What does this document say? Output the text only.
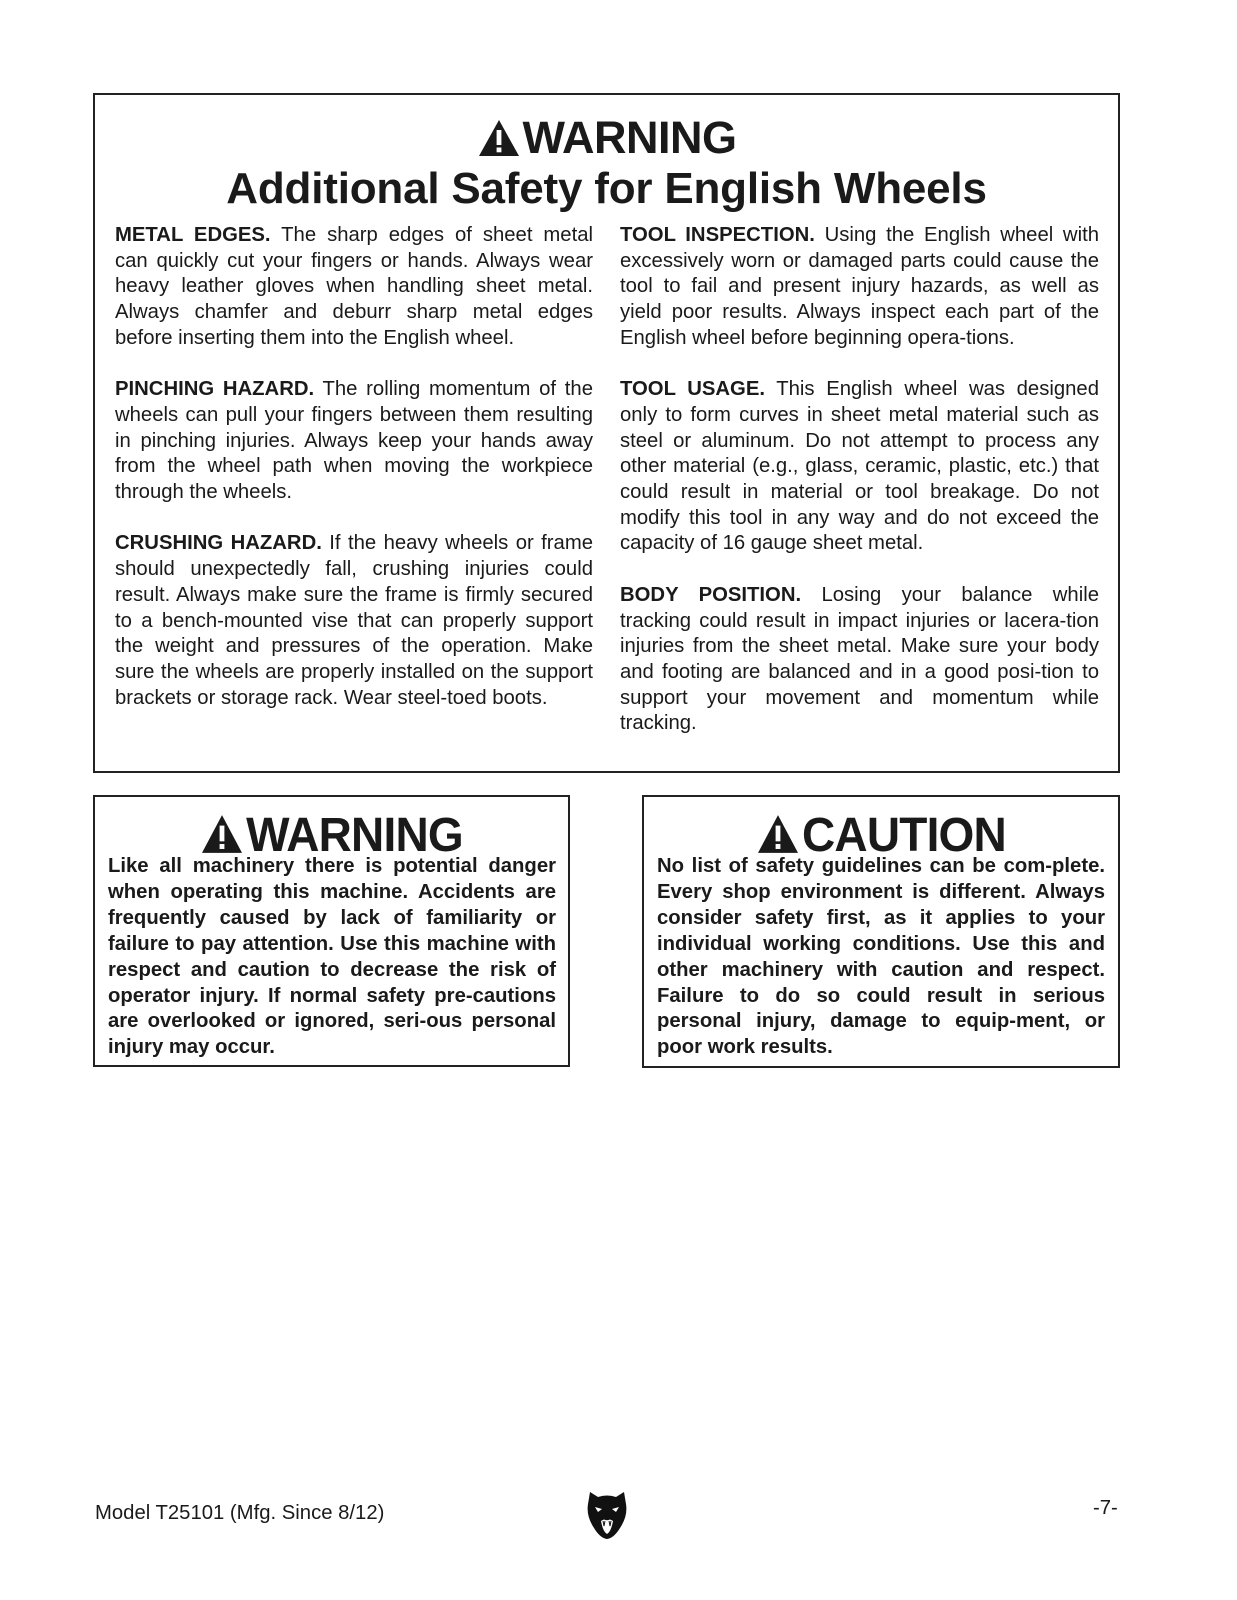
WARNING
Additional Safety for English Wheels

METAL EDGES. The sharp edges of sheet metal can quickly cut your fingers or hands. Always wear heavy leather gloves when handling sheet metal. Always chamfer and deburr sharp metal edges before inserting them into the English wheel.

PINCHING HAZARD. The rolling momentum of the wheels can pull your fingers between them resulting in pinching injuries. Always keep your hands away from the wheel path when moving the workpiece through the wheels.

CRUSHING HAZARD. If the heavy wheels or frame should unexpectedly fall, crushing injuries could result. Always make sure the frame is firmly secured to a bench-mounted vise that can properly support the weight and pressures of the operation. Make sure the wheels are properly installed on the support brackets or storage rack. Wear steel-toed boots.

TOOL INSPECTION. Using the English wheel with excessively worn or damaged parts could cause the tool to fail and present injury hazards, as well as yield poor results. Always inspect each part of the English wheel before beginning opera-tions.

TOOL USAGE. This English wheel was designed only to form curves in sheet metal material such as steel or aluminum. Do not attempt to process any other material (e.g., glass, ceramic, plastic, etc.) that could result in material or tool breakage. Do not modify this tool in any way and do not exceed the capacity of 16 gauge sheet metal.

BODY POSITION. Losing your balance while tracking could result in impact injuries or lacera-tion injuries from the sheet metal. Make sure your body and footing are balanced and in a good posi-tion to support your movement and momentum while tracking.

WARNING

Like all machinery there is potential danger when operating this machine. Accidents are frequently caused by lack of familiarity or failure to pay attention. Use this machine with respect and caution to decrease the risk of operator injury. If normal safety pre-cautions are overlooked or ignored, seri-ous personal injury may occur.

CAUTION

No list of safety guidelines can be com-plete. Every shop environment is different. Always consider safety first, as it applies to your individual working conditions. Use this and other machinery with caution and respect. Failure to do so could result in serious personal injury, damage to equip-ment, or poor work results.

Model T25101 (Mfg. Since 8/12)	-7-
